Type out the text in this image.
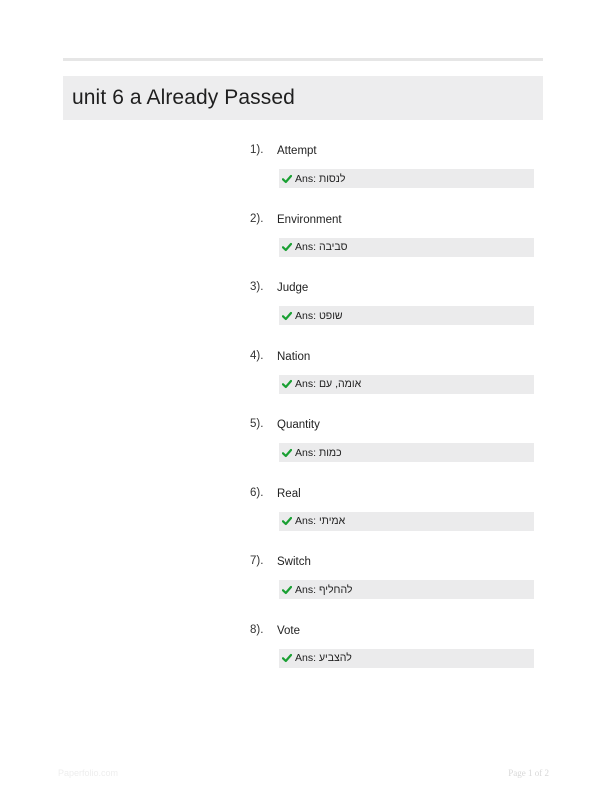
unit 6 a Already Passed
1). Attempt
Ans: לנסות
2). Environment
Ans: סביבה
3). Judge
Ans: שופט
4). Nation
Ans: אומה, עם
5). Quantity
Ans: כמות
6). Real
Ans: אמיתי
7). Switch
Ans: להחליף
8). Vote
Ans: להצביע
Paperfolio.com	Page 1 of 2
